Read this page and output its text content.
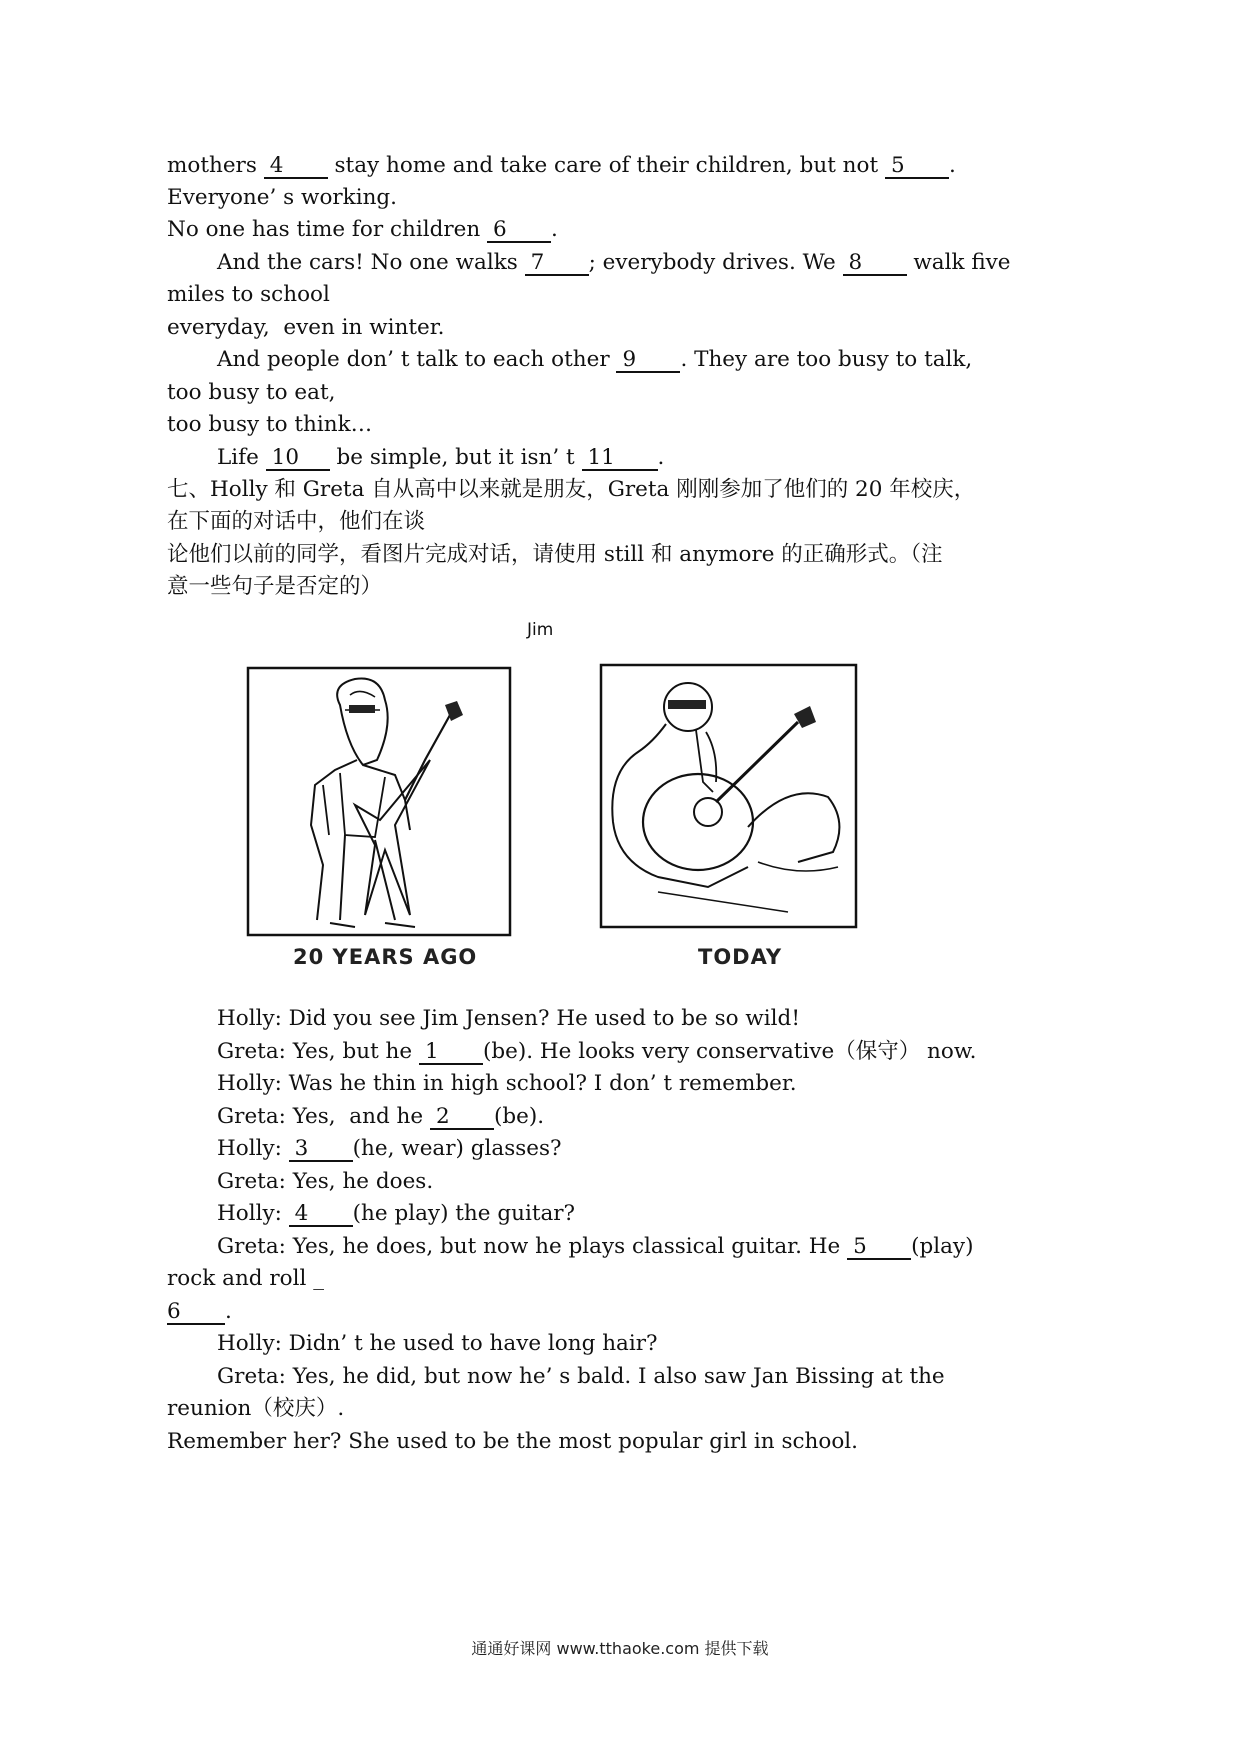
mothers 4 stay home and take care of their children, but not 5 .
Everyone’ s working.
No one has time for children 6 .
And the cars! No one walks 7 ; everybody drives. We 8 walk five
miles to school
everyday,  even in winter.
And people don’ t talk to each other 9 . They are too busy to talk,
too busy to eat,
too busy to think…
Life 10 be simple, but it isn’ t 11 .
七、Holly 和 Greta 自从高中以来就是朋友，Greta 刚刚参加了他们的 20 年校庆，
在下面的对话中，他们在谈
论他们以前的同学，看图片完成对话，请使用 still 和 anymore 的正确形式。（注
意一些句子是否定的）
Jim
20 YEARS AGO	TODAY
Holly: Did you see Jim Jensen? He used to be so wild!
Greta: Yes, but he 1 (be). He looks very conservative（保守） now.
Holly: Was he thin in high school? I don’ t remember.
Greta: Yes,  and he 2 (be).
Holly: 3 (he, wear) glasses?
Greta: Yes, he does.
Holly: 4 (he play) the guitar?
Greta: Yes, he does, but now he plays classical guitar. He 5 (play)
rock and roll _
6 .
Holly: Didn’ t he used to have long hair?
Greta: Yes, he did, but now he’ s bald. I also saw Jan Bissing at the
reunion（校庆）.
Remember her? She used to be the most popular girl in school.
通通好课网 www.tthaoke.com 提供下载
